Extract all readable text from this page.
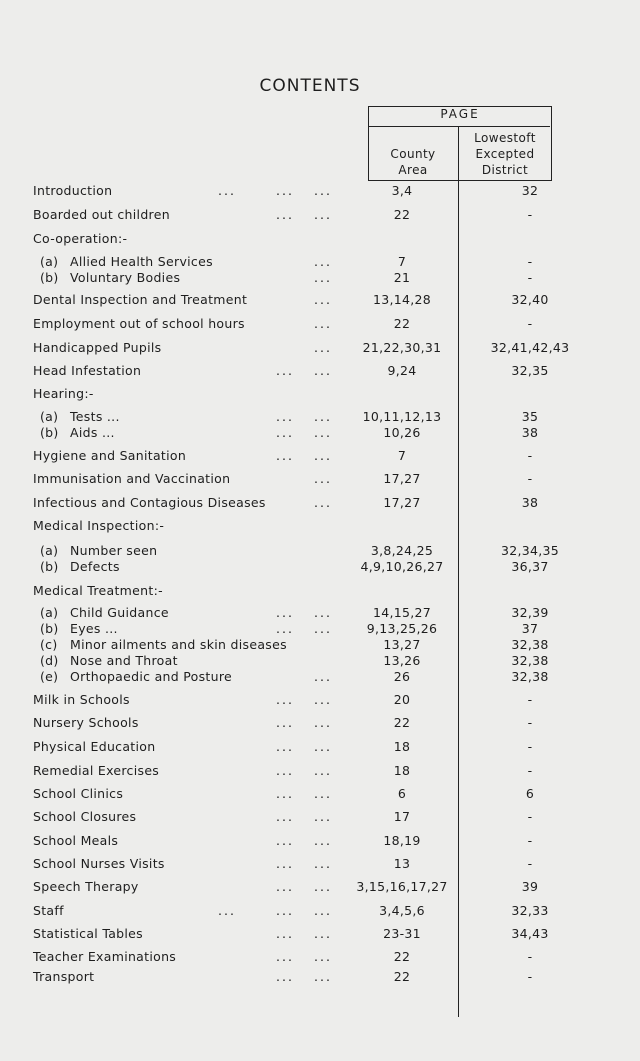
CONTENTS
PAGE
County
Area
Lowestoft
Excepted
District
Introduction	...	... ...	3,4	32
Boarded out children	... ...	22	-
Co-operation:-
(a) Allied Health Services	...	7	-
(b) Voluntary Bodies	...	21	-
Dental Inspection and Treatment	...	13,14,28	32,40
Employment out of school hours	...	22	-
Handicapped Pupils	...	21,22,30,31	32,41,42,43
Head Infestation	... ...	9,24	32,35
Hearing:-
(a) Tests ...	... ...	10,11,12,13	35
(b) Aids ...	... ...	10,26	38
Hygiene and Sanitation	... ...	7	-
Immunisation and Vaccination	...	17,27	-
Infectious and Contagious Diseases	...	17,27	38
Medical Inspection:-
(a) Number seen	3,8,24,25	32,34,35
(b) Defects	4,9,10,26,27	36,37
Medical Treatment:-
(a) Child Guidance	... ...	14,15,27	32,39
(b) Eyes ...	... ...	9,13,25,26	37
(c) Minor ailments and skin diseases	13,27	32,38
(d) Nose and Throat	13,26	32,38
(e) Orthopaedic and Posture	...	26	32,38
Milk in Schools	... ...	20	-
Nursery Schools	... ...	22	-
Physical Education	... ...	18	-
Remedial Exercises	... ...	18	-
School Clinics	... ...	6	6
School Closures	... ...	17	-
School Meals	... ...	18,19	-
School Nurses Visits	... ...	13	-
Speech Therapy	... ...	3,15,16,17,27	39
Staff	...	... ...	3,4,5,6	32,33
Statistical Tables	... ...	23-31	34,43
Teacher Examinations	... ...	22	-
Transport	... ...	22	-
